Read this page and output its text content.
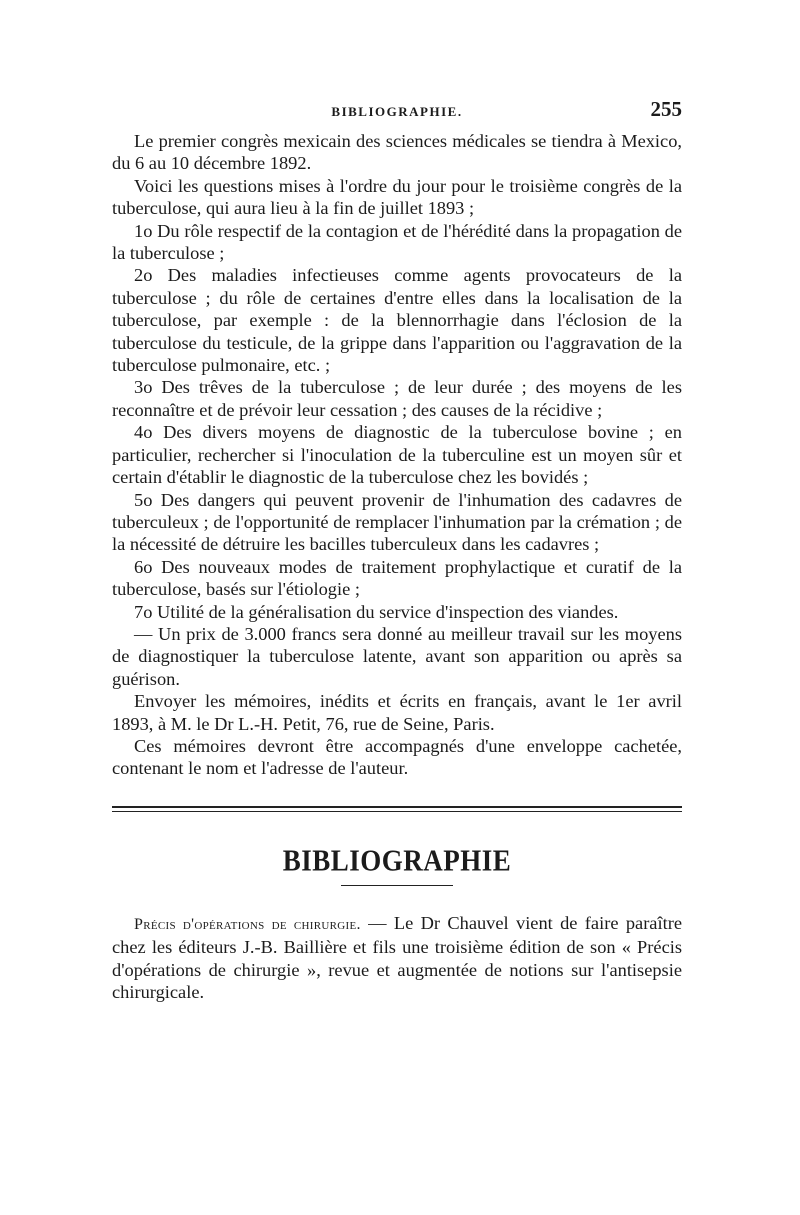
BIBLIOGRAPHIE.	255

Le premier congrès mexicain des sciences médicales se tiendra à Mexico, du 6 au 10 décembre 1892.

Voici les questions mises à l'ordre du jour pour le troisième congrès de la tuberculose, qui aura lieu à la fin de juillet 1893 ;

1o Du rôle respectif de la contagion et de l'hérédité dans la propagation de la tuberculose ;

2o Des maladies infectieuses comme agents provocateurs de la tuberculose ; du rôle de certaines d'entre elles dans la localisation de la tuberculose, par exemple : de la blennorrhagie dans l'éclosion de la tuberculose du testicule, de la grippe dans l'apparition ou l'aggravation de la tuberculose pulmonaire, etc. ;

3o Des trêves de la tuberculose ; de leur durée ; des moyens de les reconnaître et de prévoir leur cessation ; des causes de la récidive ;

4o Des divers moyens de diagnostic de la tuberculose bovine ; en particulier, rechercher si l'inoculation de la tuberculine est un moyen sûr et certain d'établir le diagnostic de la tuberculose chez les bovidés ;

5o Des dangers qui peuvent provenir de l'inhumation des cadavres de tuberculeux ; de l'opportunité de remplacer l'inhumation par la crémation ; de la nécessité de détruire les bacilles tuberculeux dans les cadavres ;

6o Des nouveaux modes de traitement prophylactique et curatif de la tuberculose, basés sur l'étiologie ;

7o Utilité de la généralisation du service d'inspection des viandes.

— Un prix de 3.000 francs sera donné au meilleur travail sur les moyens de diagnostiquer la tuberculose latente, avant son apparition ou après sa guérison.

Envoyer les mémoires, inédits et écrits en français, avant le 1er avril 1893, à M. le Dr L.-H. Petit, 76, rue de Seine, Paris.

Ces mémoires devront être accompagnés d'une enveloppe cachetée, contenant le nom et l'adresse de l'auteur.

BIBLIOGRAPHIE

Précis d'opérations de chirurgie. — Le Dr Chauvel vient de faire paraître chez les éditeurs J.-B. Baillière et fils une troisième édition de son « Précis d'opérations de chirurgie », revue et augmentée de notions sur l'antisepsie chirurgicale.
